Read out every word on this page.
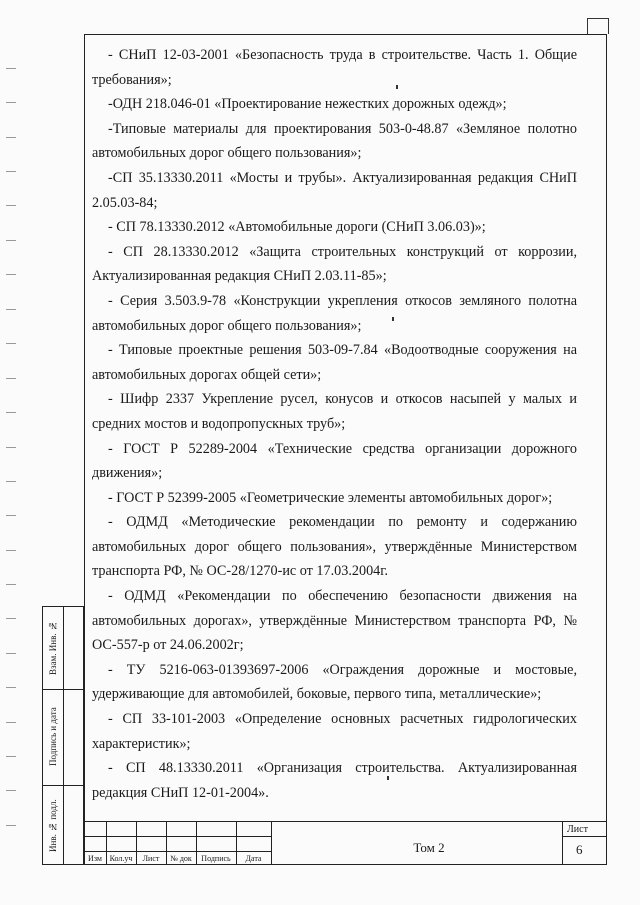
Взам. Инв. №
Подпись и дата
Инв. № подл.

- СНиП 12-03-2001 «Безопасность труда в строительстве. Часть 1. Общие требования»;

-ОДН 218.046-01 «Проектирование нежестких дорожных одежд»;

-Типовые материалы для проектирования 503-0-48.87 «Земляное полотно автомобильных дорог общего пользования»;

-СП 35.13330.2011 «Мосты и трубы». Актуализированная редакция СНиП 2.05.03-84;

- СП 78.13330.2012 «Автомобильные дороги (СНиП 3.06.03)»;

- СП 28.13330.2012 «Защита строительных конструкций от коррозии, Актуализированная редакция СНиП 2.03.11-85»;

- Серия 3.503.9-78 «Конструкции укрепления откосов земляного полотна автомобильных дорог общего пользования»;

- Типовые проектные решения 503-09-7.84 «Водоотводные сооружения на автомобильных дорогах общей сети»;

- Шифр 2337 Укрепление русел, конусов и откосов насыпей у малых и средних мостов и водопропускных труб»;

- ГОСТ Р 52289-2004 «Технические средства организации дорожного движения»;

- ГОСТ Р 52399-2005 «Геометрические элементы автомобильных дорог»;

- ОДМД «Методические рекомендации по ремонту и содержанию автомобильных дорог общего пользования», утверждённые Министерством транспорта РФ, № ОС-28/1270-ис от 17.03.2004г.

- ОДМД «Рекомендации по обеспечению безопасности движения на автомобильных дорогах», утверждённые Министерством транспорта РФ, № ОС-557-р от 24.06.2002г;

- ТУ 5216-063-01393697-2006 «Ограждения дорожные и мостовые, удерживающие для автомобилей, боковые, первого типа, металлические»;

- СП 33-101-2003 «Определение основных расчетных гидрологических характеристик»;

- СП 48.13330.2011 «Организация строительства. Актуализированная редакция СНиП 12-01-2004».

Изм Кол.уч	Лист	№ док	Подпись	Дата
Том 2
Лист
6
